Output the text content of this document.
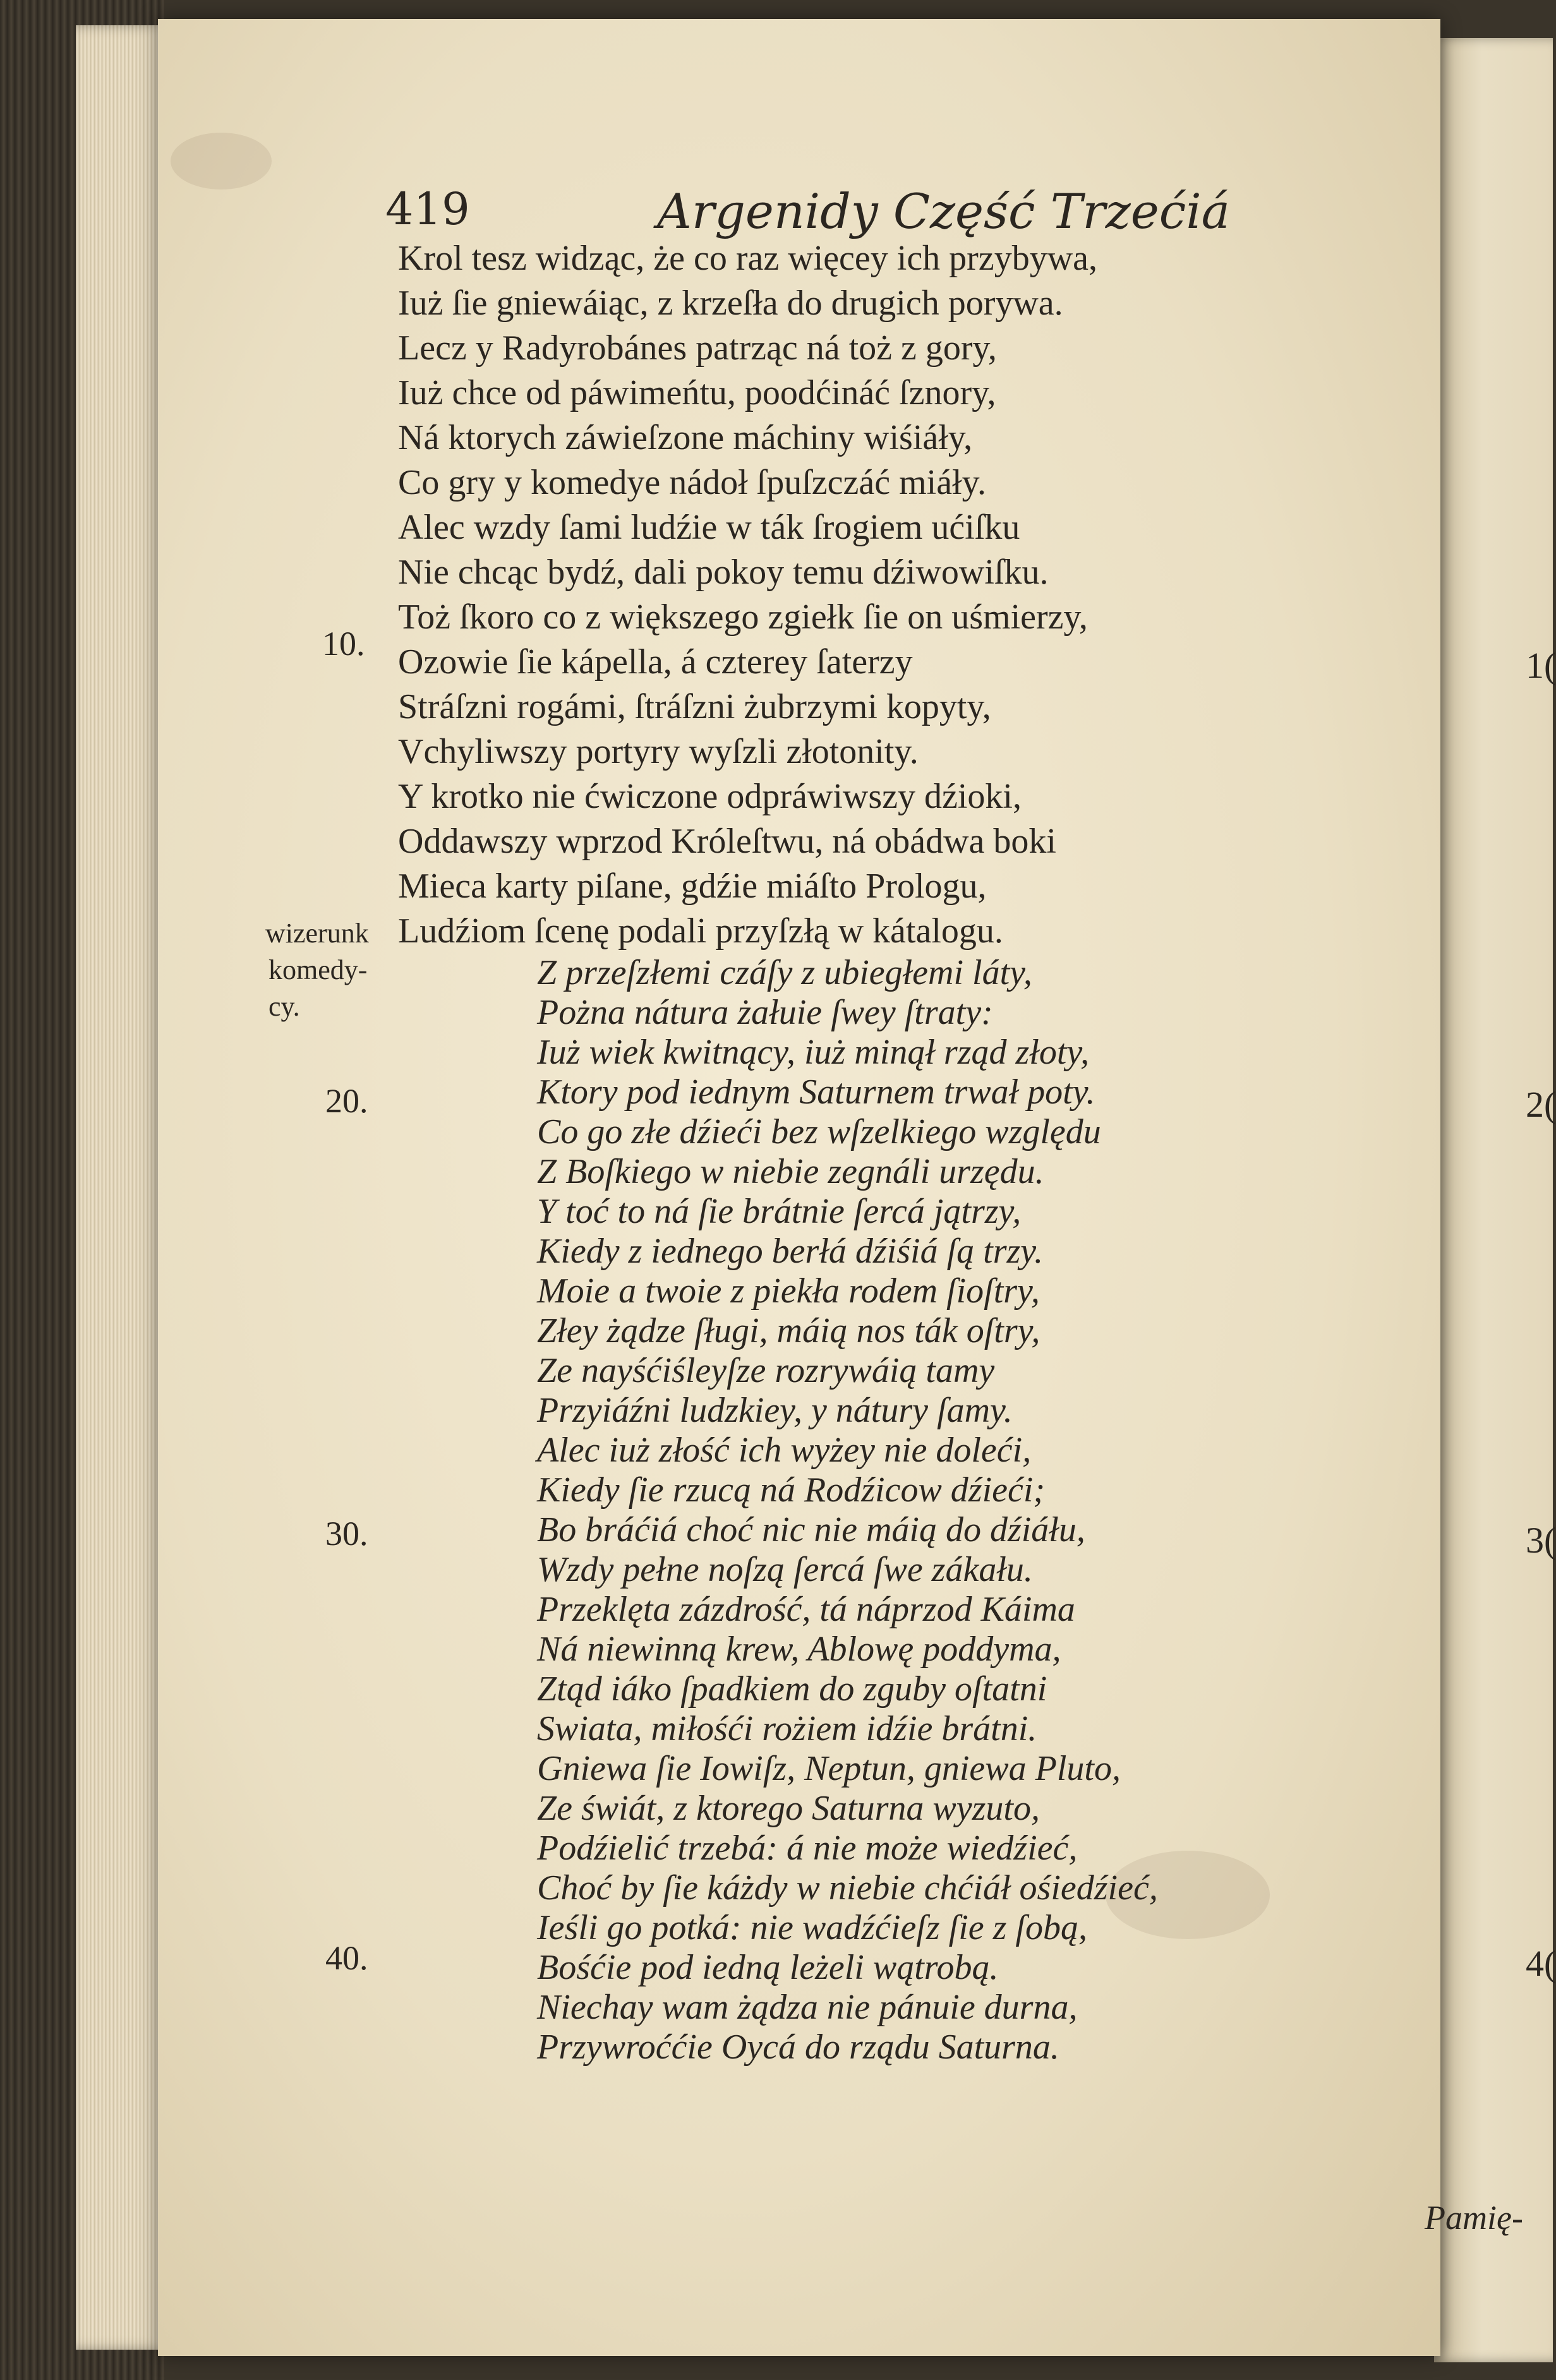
1(
2(
3(
4(
419	Argenidy Część Trzećiá
Krol tesz widząc, że co raz więcey ich przybywa,
Iuż ſie gniewáiąc, z krzeſła do drugich porywa.
Lecz y Radyrobánes patrząc ná toż z gory,
Iuż chce od páwimeńtu, poodćináć ſznory,
Ná ktorych záwieſzone máchiny wiśiáły,
Co gry y komedye nádoł ſpuſzczáć miáły.
Alec wzdy ſami ludźie w ták ſrogiem ućiſku
Nie chcąc bydź, dali pokoy temu dźiwowiſku.
Toż ſkoro co z większego zgiełk ſie on uśmierzy,
Ozowie ſie kápella, á czterey ſaterzy
Stráſzni rogámi, ſtráſzni żubrzymi kopyty,
Vchyliwszy portyry wyſzli złotonity.
Y krotko nie ćwiczone odpráwiwszy dźioki,
Oddawszy wprzod Króleſtwu, ná obádwa boki
Mieca karty piſane, gdźie miáſto Prologu,
Ludźiom ſcenę podali przyſzłą w kátalogu.
Z przeſzłemi czáſy z ubiegłemi láty,
Pożna nátura żałuie ſwey ſtraty:
Iuż wiek kwitnący, iuż minął rząd złoty,
Ktory pod iednym Saturnem trwał poty.
Co go złe dźieći bez wſzelkiego względu
Z Boſkiego w niebie zegnáli urzędu.
Y toć to ná ſie brátnie ſercá jątrzy,
Kiedy z iednego berłá dźiśiá ſą trzy.
Moie a twoie z piekła rodem ſioſtry,
Złey żądze ſługi, máią nos ták oſtry,
Ze nayśćiśleyſze rozrywáią tamy
Przyiáźni ludzkiey, y nátury ſamy.
Alec iuż złość ich wyżey nie doleći,
Kiedy ſie rzucą ná Rodźicow dźieći;
Bo bráćiá choć nic nie máią do dźiáłu,
Wzdy pełne noſzą ſercá ſwe zákału.
Przeklęta zázdrość, tá náprzod Káima
Ná niewinną krew, Ablowę poddyma,
Ztąd iáko ſpadkiem do zguby oſtatni
Swiata, miłośći rożiem idźie brátni.
Gniewa ſie Iowiſz, Neptun, gniewa Pluto,
Ze świát, z ktorego Saturna wyzuto,
Podźielić trzebá: á nie może wiedźieć,
Choć by ſie káżdy w niebie chćiáł ośiedźieć,
Ieśli go potká: nie wadźćieſz ſie z ſobą,
Bośćie pod iedną leżeli wątrobą.
Niechay wam żądza nie pánuie durna,
Przywroććie Oycá do rządu Saturna.
10.
20.
30.
40.
wizerunk
komedy-
cy.
Pamię-
